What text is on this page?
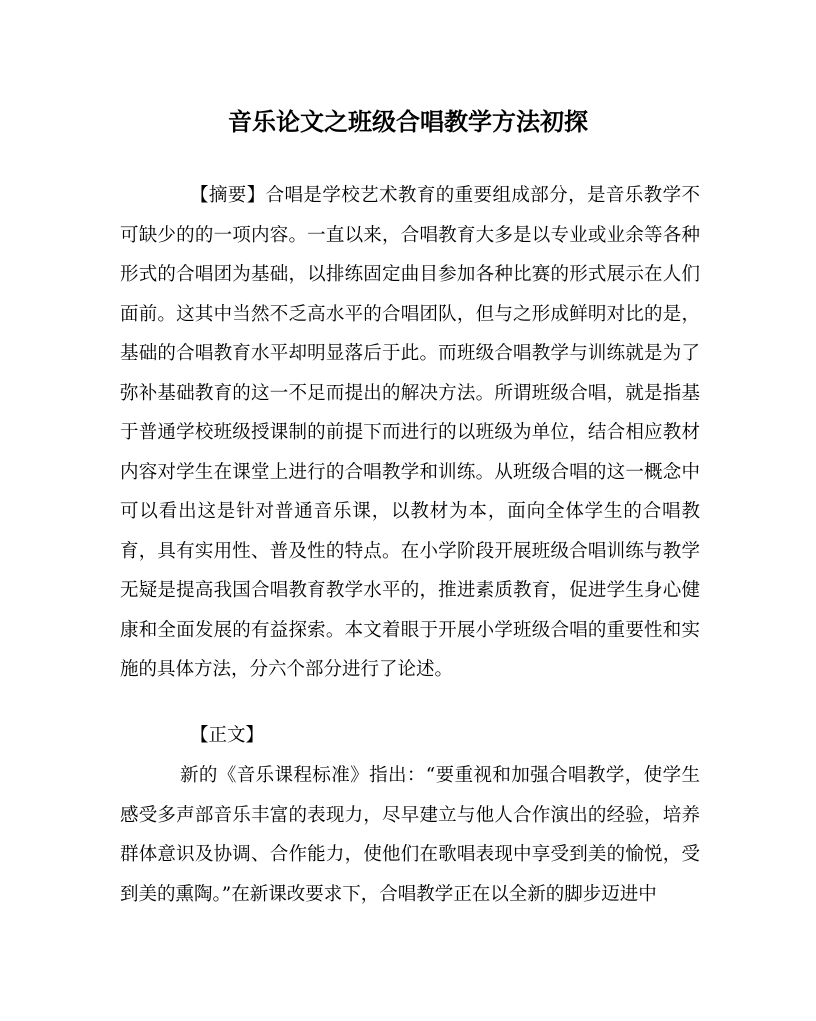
音乐论文之班级合唱教学方法初探
【摘要】合唱是学校艺术教育的重要组成部分，是音乐教学不可缺少的的一项内容。一直以来，合唱教育大多是以专业或业余等各种形式的合唱团为基础，以排练固定曲目参加各种比赛的形式展示在人们面前。这其中当然不乏高水平的合唱团队，但与之形成鲜明对比的是，基础的合唱教育水平却明显落后于此。而班级合唱教学与训练就是为了弥补基础教育的这一不足而提出的解决方法。所谓班级合唱，就是指基于普通学校班级授课制的前提下而进行的以班级为单位，结合相应教材内容对学生在课堂上进行的合唱教学和训练。从班级合唱的这一概念中可以看出这是针对普通音乐课，以教材为本，面向全体学生的合唱教育，具有实用性、普及性的特点。在小学阶段开展班级合唱训练与教学无疑是提高我国合唱教育教学水平的，推进素质教育，促进学生身心健康和全面发展的有益探索。本文着眼于开展小学班级合唱的重要性和实施的具体方法，分六个部分进行了论述。
【正文】
新的《音乐课程标准》指出：“要重视和加强合唱教学，使学生感受多声部音乐丰富的表现力，尽早建立与他人合作演出的经验，培养群体意识及协调、合作能力，使他们在歌唱表现中享受到美的愉悦，受到美的熏陶。”在新课改要求下，合唱教学正在以全新的脚步迈进中
